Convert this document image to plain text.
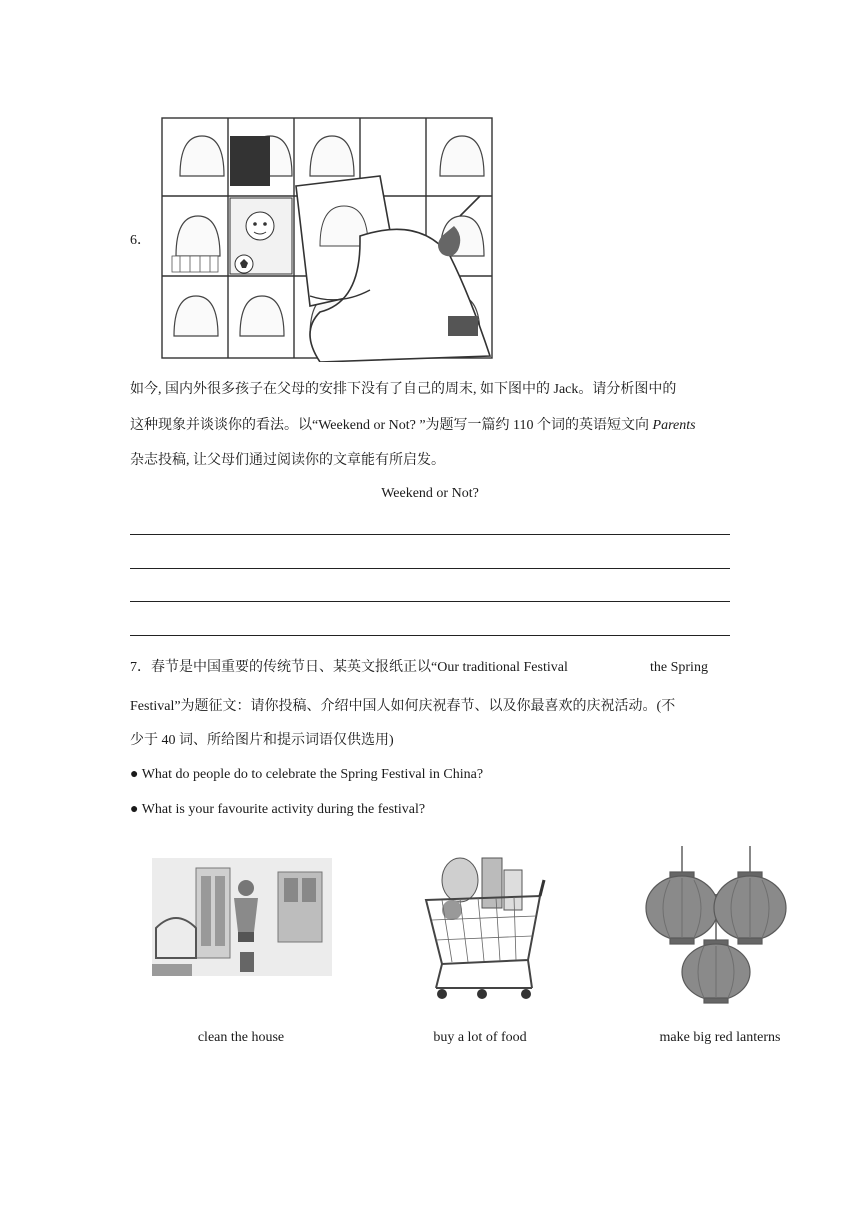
6．
如今, 国内外很多孩子在父母的安排下没有了自己的周末, 如下图中的 Jack。请分析图中的
这种现象并谈谈你的看法。以“Weekend or Not? ”为题写一篇约 110 个词的英语短文向 Parents
杂志投稿, 让父母们通过阅读你的文章能有所启发。
Weekend or Not?
7．春节是中国重要的传统节日、某英文报纸正以“Our traditional Festival	the Spring
Festival”为题征文：请你投稿、介绍中国人如何庆祝春节、以及你最喜欢的庆祝活动。(不
少于 40 词、所给图片和提示词语仅供选用)
● What do people do to celebrate the Spring Festival in China?
● What is your favourite activity during the festival?
clean the house	buy a lot of food	make big red lanterns
